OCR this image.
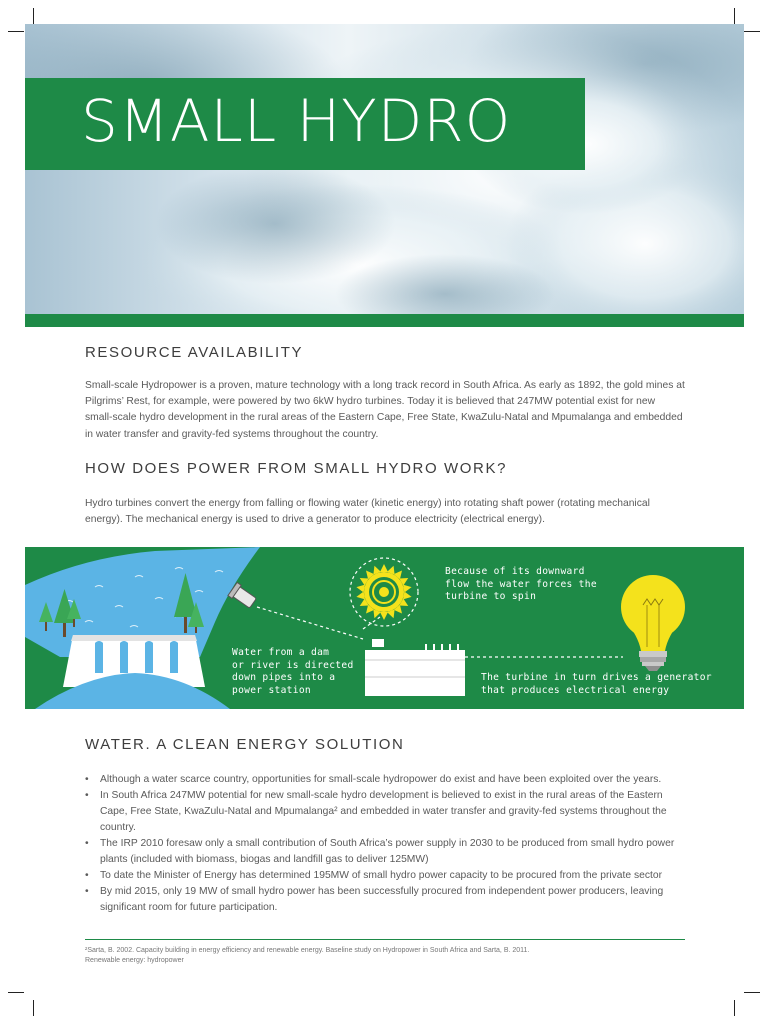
SMALL HYDRO
RESOURCE AVAILABILITY

Small-scale Hydropower is a proven, mature technology with a long track record in South Africa. As early as 1892, the gold mines at Pilgrims’ Rest, for example, were powered by two 6kW hydro turbines. Today it is believed that 247MW potential exist for new small-scale hydro development in the rural areas of the Eastern Cape, Free State, KwaZulu-Natal and Mpumalanga and embedded in water transfer and gravity-fed systems throughout the country.

HOW DOES POWER FROM SMALL HYDRO WORK?

Hydro turbines convert the energy from falling or flowing water (kinetic energy) into rotating shaft power (rotating mechanical energy). The mechanical energy is used to drive a generator to produce electricity (electrical energy).

Water from a dam
or river is directed
down pipes into a
power station

Because of its downward
flow the water forces the
turbine to spin

The turbine in turn drives a generator
that produces electrical energy

WATER. A CLEAN ENERGY SOLUTION
• Although a water scarce country, opportunities for small-scale hydropower do exist and have been exploited over the years.
• In South Africa 247MW potential for new small-scale hydro development is believed to exist in the rural areas of the Eastern Cape, Free State, KwaZulu-Natal and Mpumalanga² and embedded in water transfer and gravity-fed systems throughout the country.
• The IRP 2010 foresaw only a small contribution of South Africa’s power supply in 2030 to be produced from small hydro power plants (included with biomass, biogas and landfill gas to deliver 125MW)
• To date the Minister of Energy has determined 195MW of small hydro power capacity to be procured from the private sector
• By mid 2015, only 19 MW of small hydro power has been successfully procured from independent power producers, leaving significant room for future participation.

²Sarta, B. 2002. Capacity building in energy efficiency and renewable energy. Baseline study on Hydropower in South Africa and Sarta, B. 2011.
Renewable energy: hydropower
